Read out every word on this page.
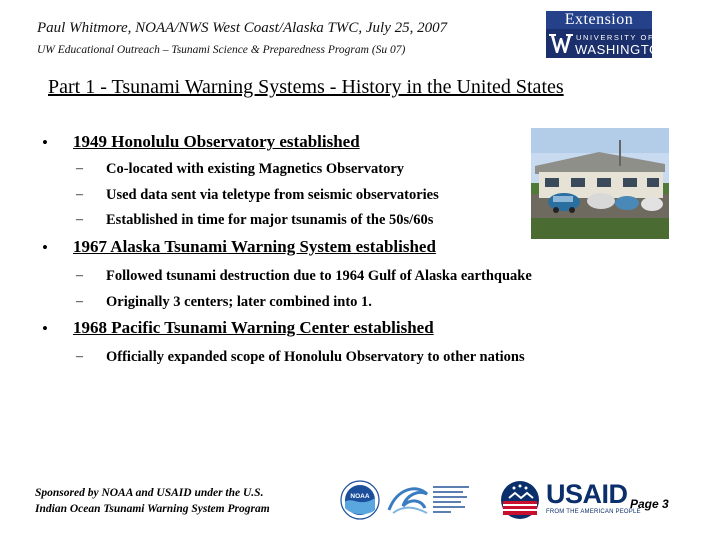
Paul Whitmore, NOAA/NWS West Coast/Alaska TWC, July 25, 2007
UW Educational Outreach – Tsunami Science & Preparedness Program (Su 07)
Extension
UNIVERSITY OF
WASHINGTON
Part 1 - Tsunami Warning Systems - History in the United States
• 1949 Honolulu Observatory established
– Co-located with existing Magnetics Observatory
– Used data sent via teletype from seismic observatories
– Established in time for major tsunamis of the 50s/60s
• 1967 Alaska Tsunami Warning System established
– Followed tsunami destruction due to 1964 Gulf of Alaska earthquake
– Originally 3 centers; later combined into 1.
• 1968 Pacific Tsunami Warning Center established
– Officially expanded scope of Honolulu Observatory to other nations
Sponsored by NOAA and USAID under the U.S.
Indian Ocean Tsunami Warning System Program
NOAA	USAID
FROM THE AMERICAN PEOPLE
Page 3
